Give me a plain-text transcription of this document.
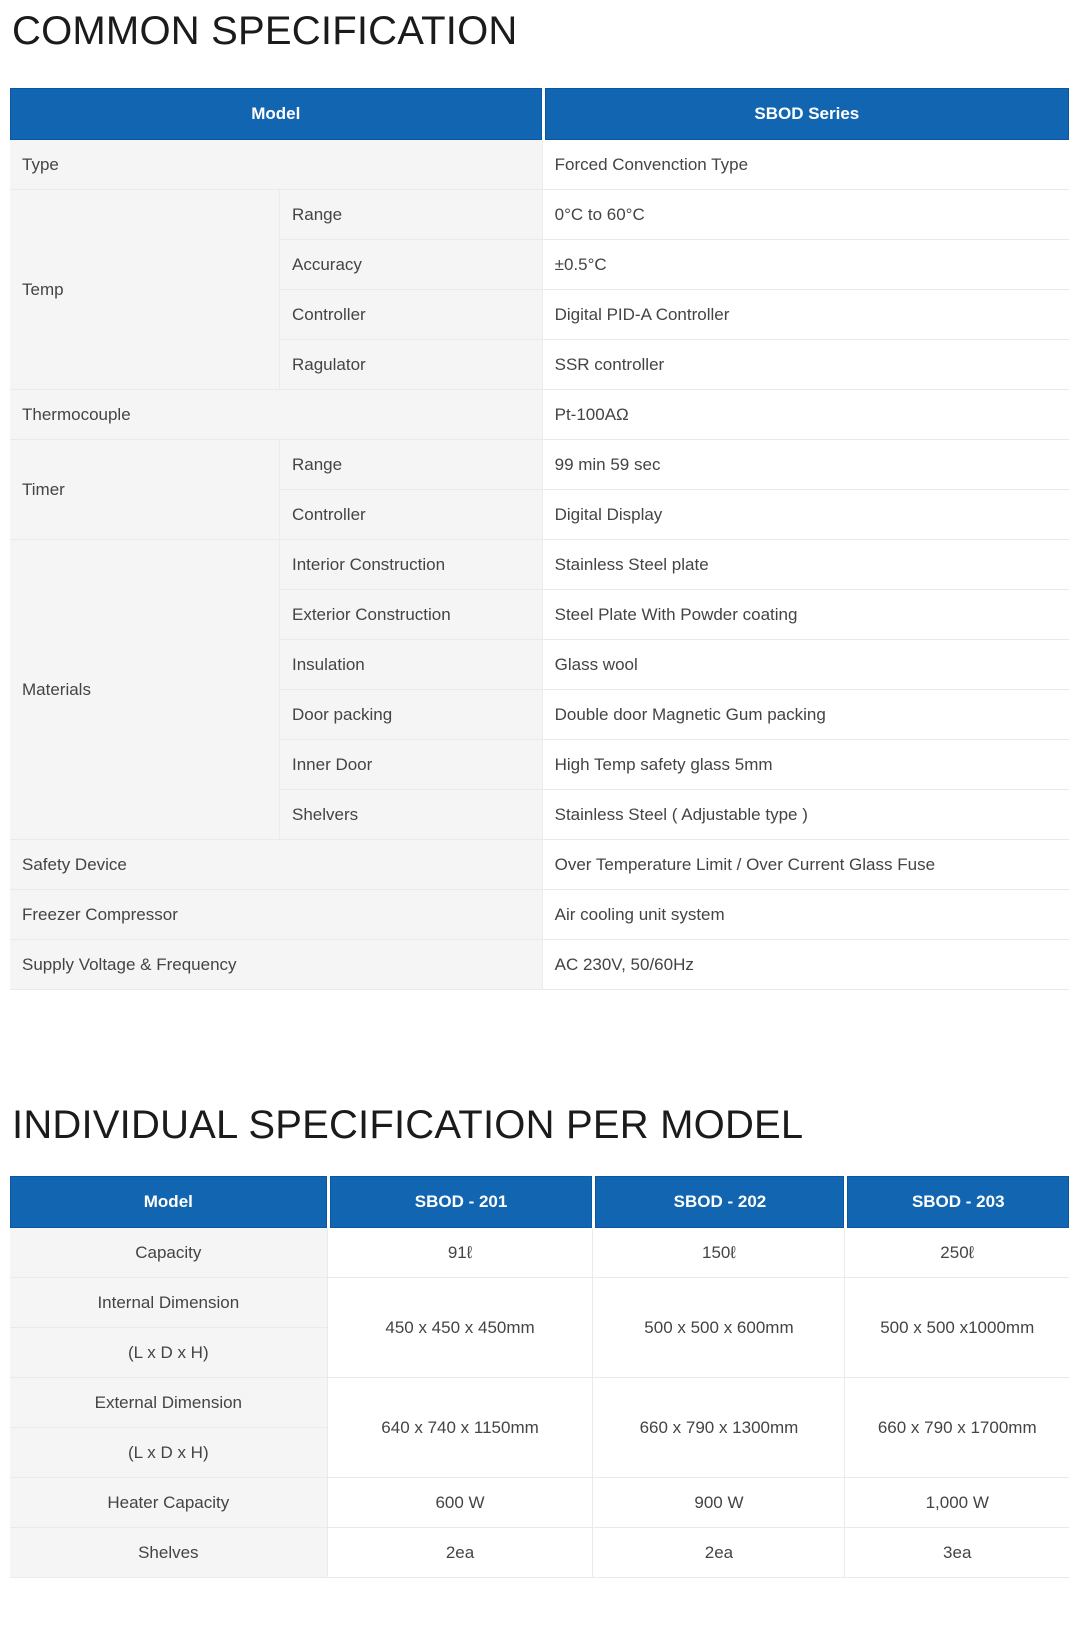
COMMON SPECIFICATION
Model		SBOD Series
Type		Forced Convenction Type
Temp	Range	0°C to 60°C
	Accuracy	±0.5°C
	Controller	Digital PID-A Controller
	Ragulator	SSR controller
Thermocouple		Pt-100AΩ
Timer	Range	99 min 59 sec
	Controller	Digital Display
Materials	Interior Construction	Stainless Steel plate
	Exterior Construction	Steel Plate With Powder coating
	Insulation	Glass wool
	Door packing	Double door Magnetic Gum packing
	Inner Door	High Temp safety glass 5mm
	Shelvers	Stainless Steel ( Adjustable type )
Safety Device		Over Temperature Limit / Over Current Glass Fuse
Freezer Compressor		Air cooling unit system
Supply Voltage & Frequency		AC 230V, 50/60Hz
INDIVIDUAL SPECIFICATION PER MODEL
Model	SBOD - 201	SBOD - 202	SBOD - 203
Capacity	91ℓ	150ℓ	250ℓ
Internal Dimension	450 x 450 x 450mm	500 x 500 x 600mm	500 x 500 x1000mm
(L x D x H)			
External Dimension	640 x 740 x 1150mm	660 x 790 x 1300mm	660 x 790 x 1700mm
(L x D x H)			
Heater Capacity	600 W	900 W	1,000 W
Shelves	2ea	2ea	3ea
